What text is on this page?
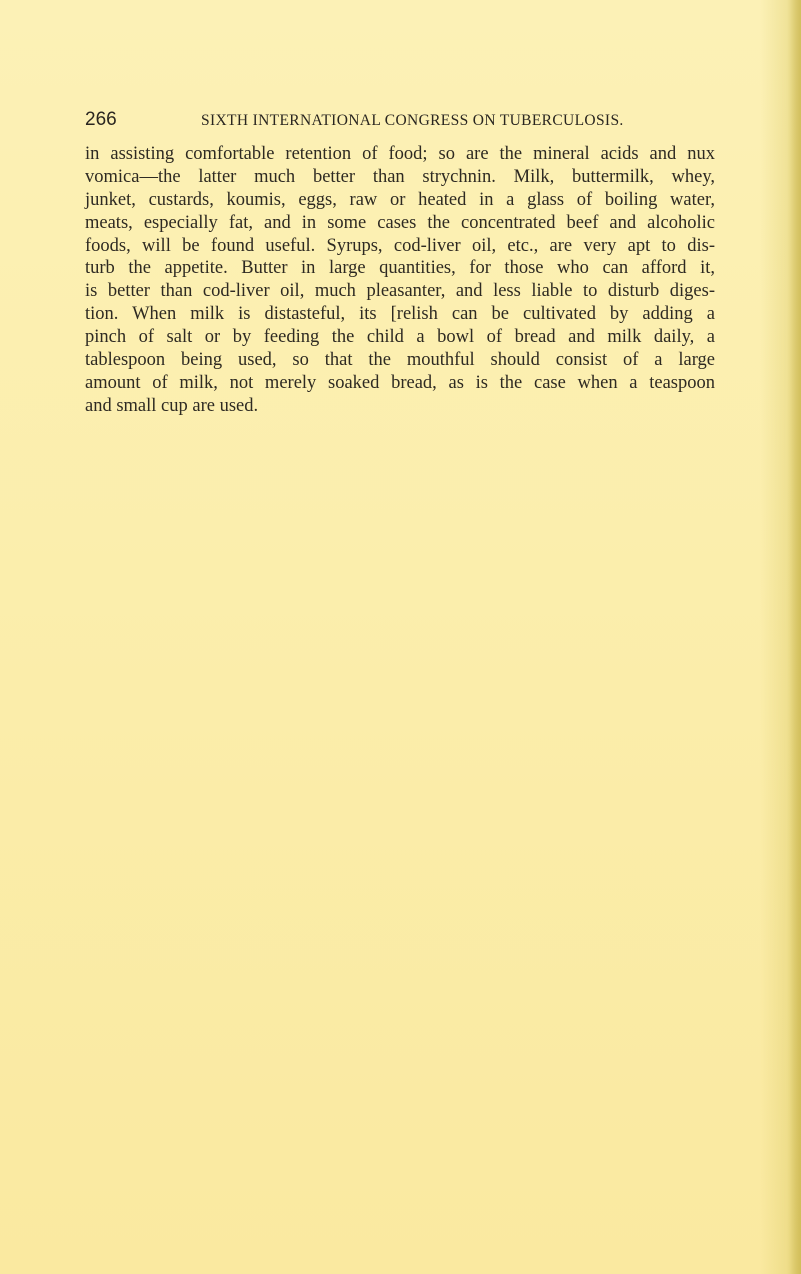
266	SIXTH INTERNATIONAL CONGRESS ON TUBERCULOSIS.
in assisting comfortable retention of food; so are the mineral acids and nux
vomica—the latter much better than strychnin. Milk, buttermilk, whey,
junket, custards, koumis, eggs, raw or heated in a glass of boiling water,
meats, especially fat, and in some cases the concentrated beef and alcoholic
foods, will be found useful. Syrups, cod-liver oil, etc., are very apt to dis-
turb the appetite. Butter in large quantities, for those who can afford it,
is better than cod-liver oil, much pleasanter, and less liable to disturb diges-
tion. When milk is distasteful, its [relish can be cultivated by adding a
pinch of salt or by feeding the child a bowl of bread and milk daily, a
tablespoon being used, so that the mouthful should consist of a large
amount of milk, not merely soaked bread, as is the case when a teaspoon
and small cup are used.
